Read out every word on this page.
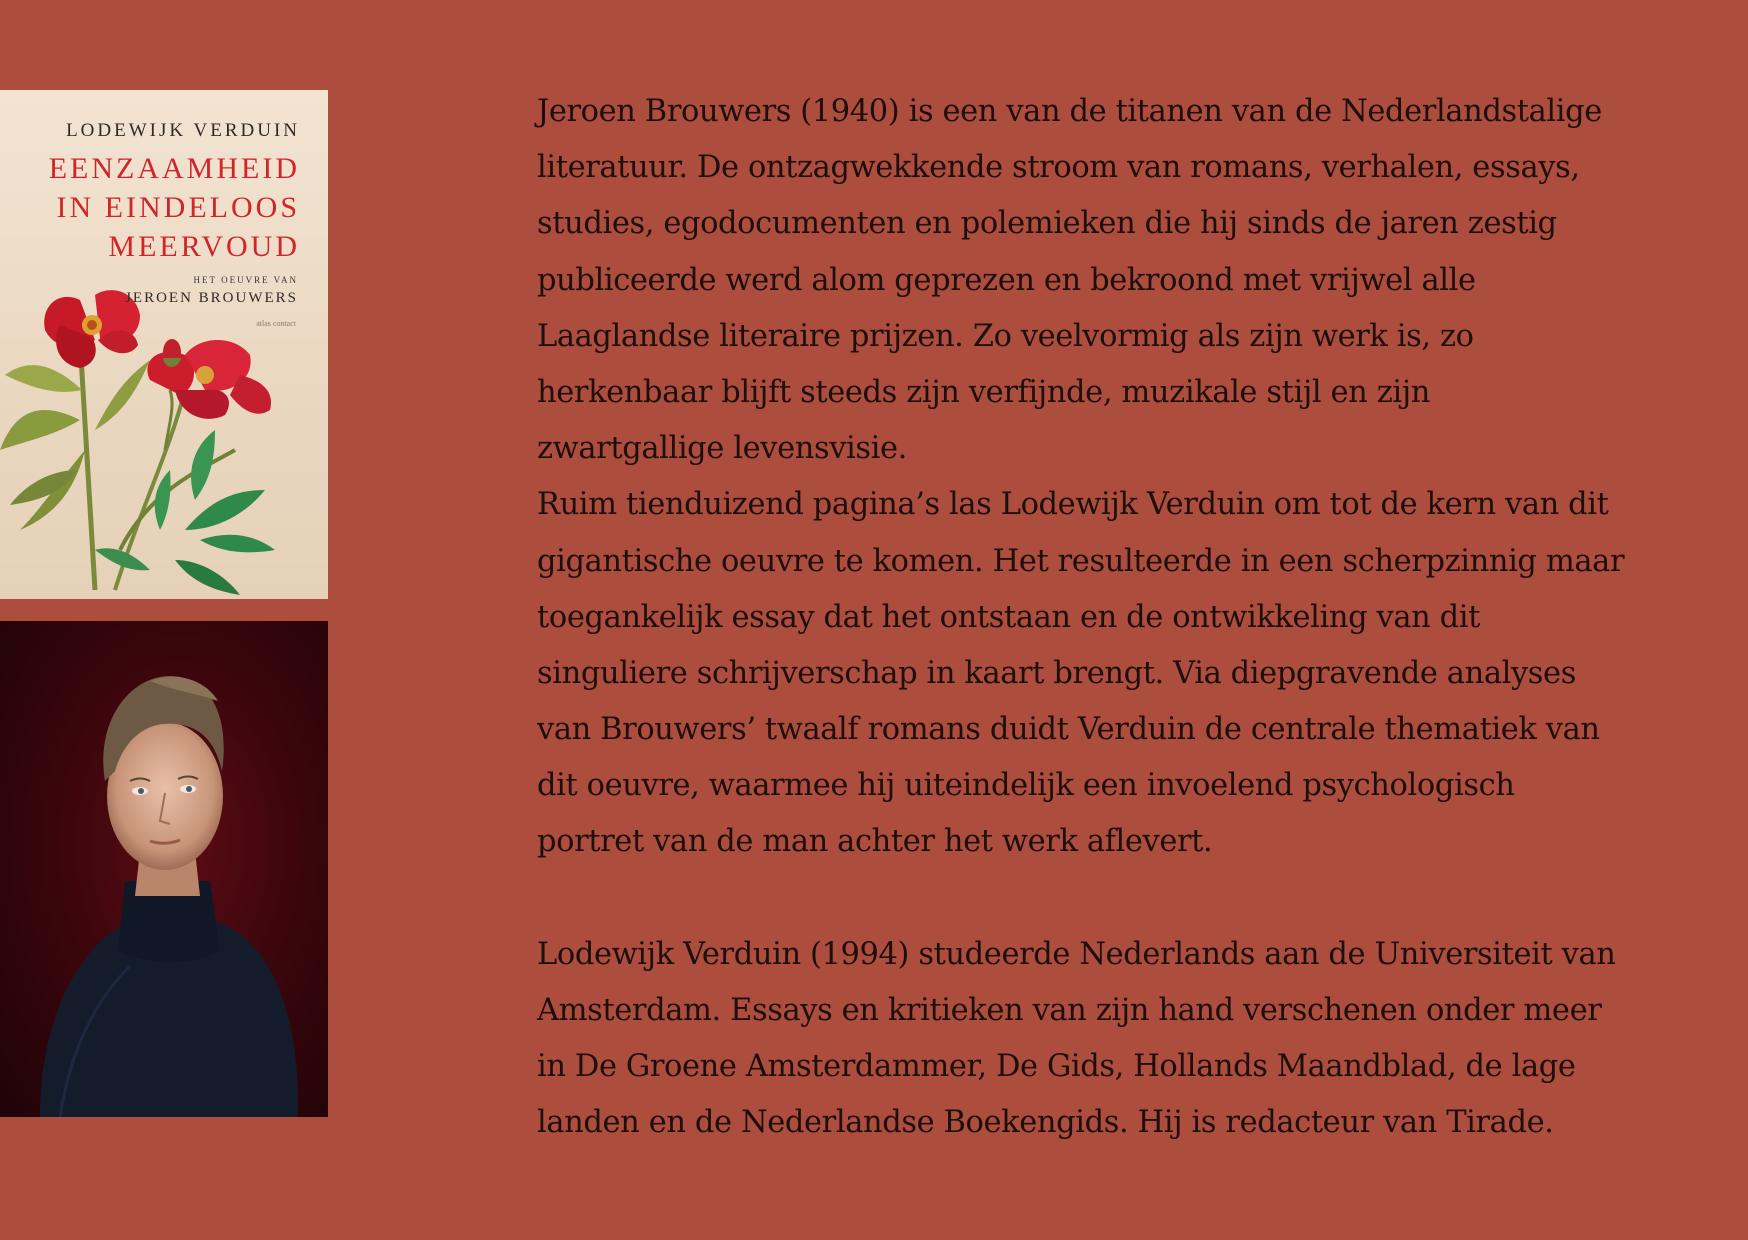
LODEWIJK VERDUIN
EENZAAMHEID
IN EINDELOOS
MEERVOUD
HET OEUVRE VAN
JEROEN BROUWERS
atlas contact
Jeroen Brouwers (1940) is een van de titanen van de Nederlandstalige
literatuur. De ontzagwekkende stroom van romans, verhalen, essays,
studies, egodocumenten en polemieken die hij sinds de jaren zestig
publiceerde werd alom geprezen en bekroond met vrijwel alle
Laaglandse literaire prijzen. Zo veelvormig als zijn werk is, zo
herkenbaar blijft steeds zijn verfijnde, muzikale stijl en zijn
zwartgallige levensvisie.
Ruim tienduizend pagina’s las Lodewijk Verduin om tot de kern van dit
gigantische oeuvre te komen. Het resulteerde in een scherpzinnig maar
toegankelijk essay dat het ontstaan en de ontwikkeling van dit
singuliere schrijverschap in kaart brengt. Via diepgravende analyses
van Brouwers’ twaalf romans duidt Verduin de centrale thematiek van
dit oeuvre, waarmee hij uiteindelijk een invoelend psychologisch
portret van de man achter het werk aflevert.
Lodewijk Verduin (1994) studeerde Nederlands aan de Universiteit van
Amsterdam. Essays en kritieken van zijn hand verschenen onder meer
in De Groene Amsterdammer, De Gids, Hollands Maandblad, de lage
landen en de Nederlandse Boekengids. Hij is redacteur van Tirade.
